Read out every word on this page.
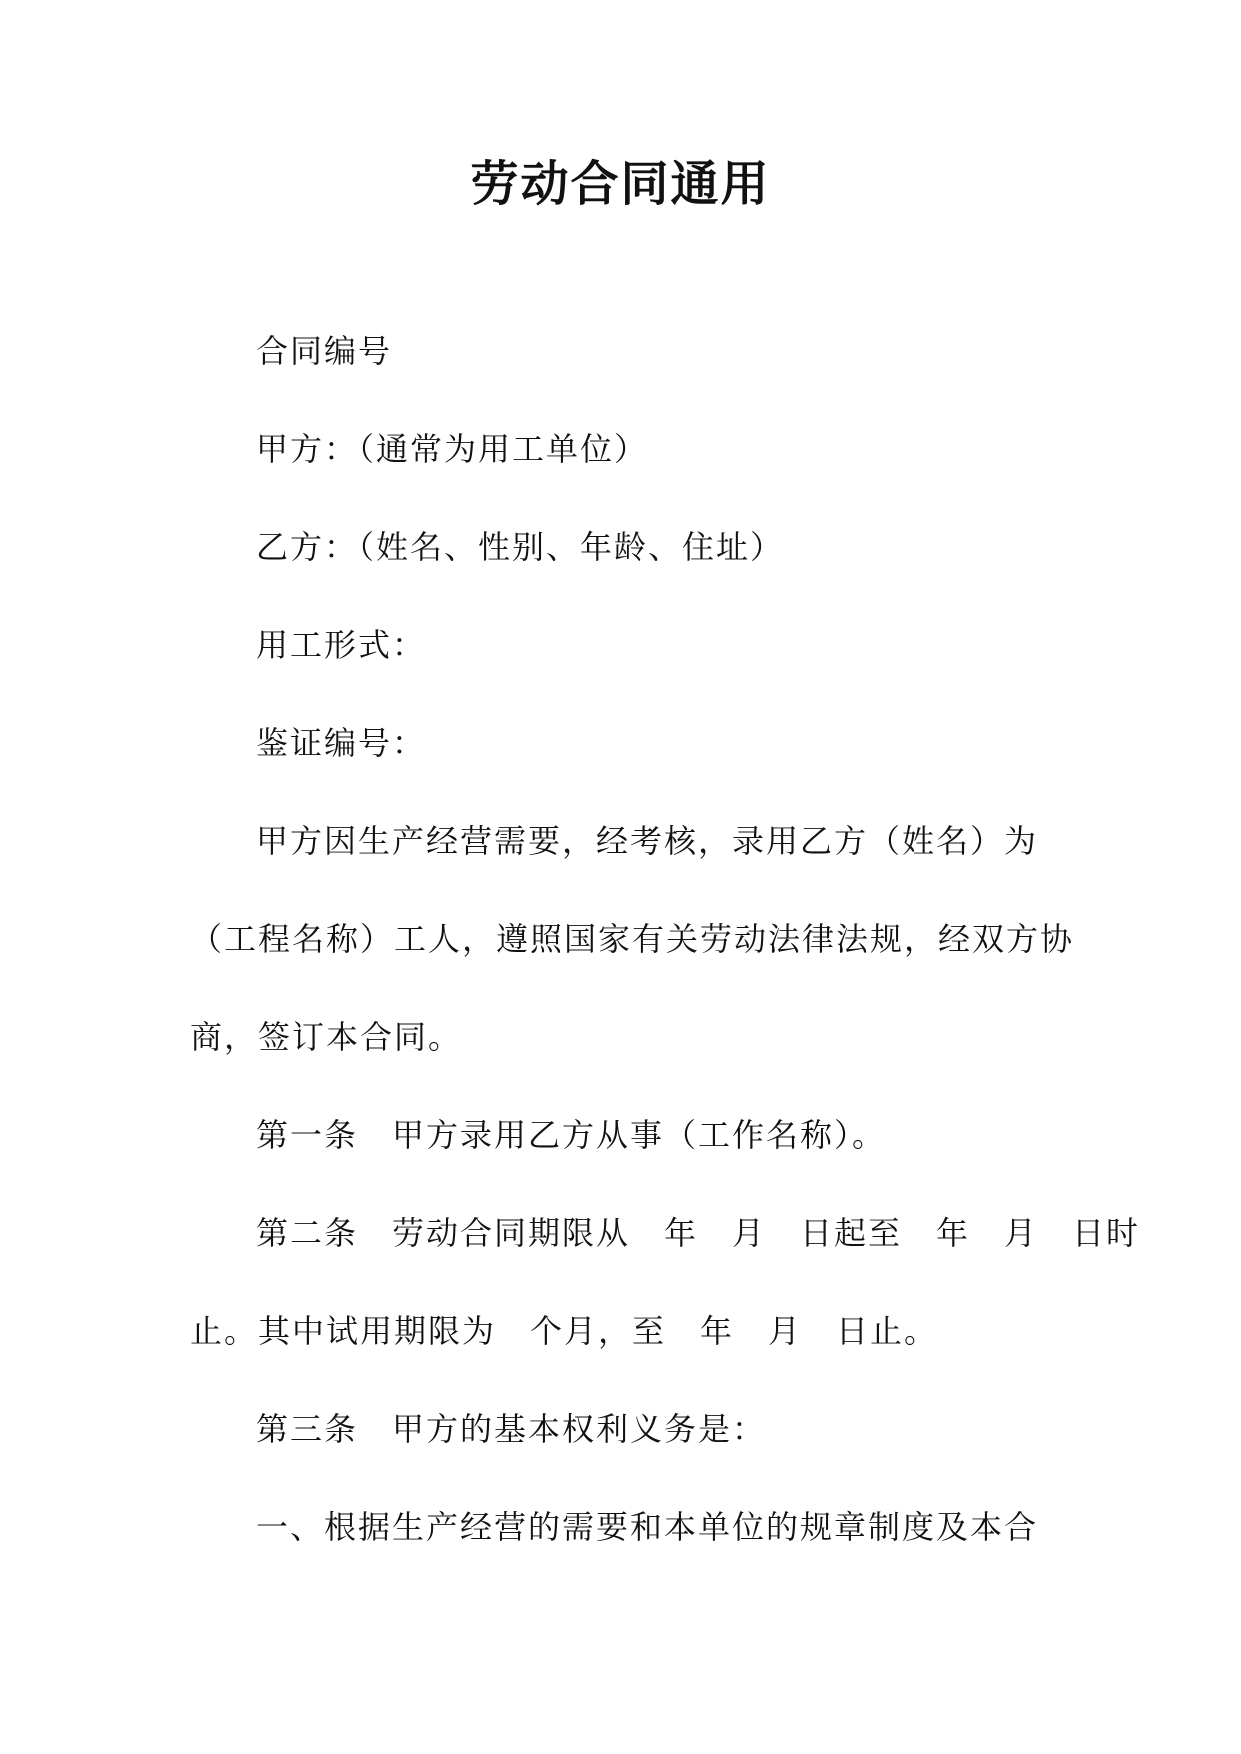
劳动合同通用

合同编号

甲方：（通常为用工单位）

乙方：（姓名、性别、年龄、住址）

用工形式：

鉴证编号：

甲方因生产经营需要，经考核，录用乙方（姓名）为
（工程名称）工人，遵照国家有关劳动法律法规，经双方协
商，签订本合同。

第一条　 甲方录用乙方从事（工作名称）。

第二条　劳动合同期限从　年　月　日起至　年　月　日时
止。其中试用期限为　个月，至　年　月　日止。

第三条　 甲方的基本权利义务是：

一、根据生产经营的需要和本单位的规章制度及本合
